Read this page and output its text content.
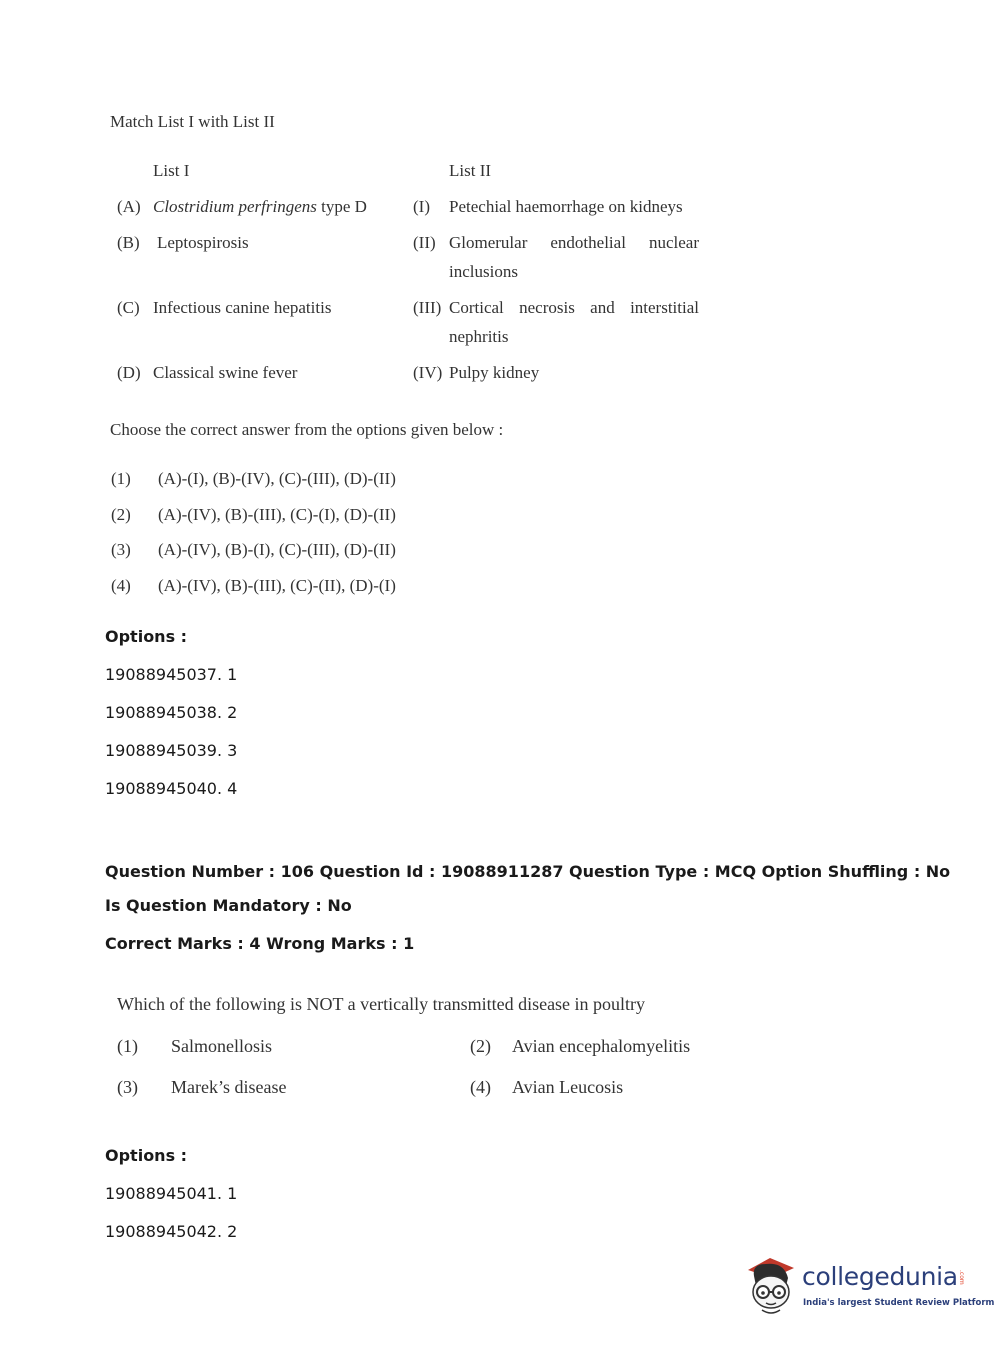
Match List I with List II
List I	List II
(A) Clostridium perfringens type D	(I) Petechial haemorrhage on kidneys
(B) Leptospirosis	(II) Glomerular endothelial nuclear
inclusions
(C) Infectious canine hepatitis	(III) Cortical necrosis and interstitial
nephritis
(D) Classical swine fever	(IV) Pulpy kidney
Choose the correct answer from the options given below :
(1) (A)-(I), (B)-(IV), (C)-(III), (D)-(II)
(2) (A)-(IV), (B)-(III), (C)-(I), (D)-(II)
(3) (A)-(IV), (B)-(I), (C)-(III), (D)-(II)
(4) (A)-(IV), (B)-(III), (C)-(II), (D)-(I)
Options :
19088945037. 1
19088945038. 2
19088945039. 3
19088945040. 4
Question Number : 106 Question Id : 19088911287 Question Type : MCQ Option Shuffling : No
Is Question Mandatory : No
Correct Marks : 4 Wrong Marks : 1
Which of the following is NOT a vertically transmitted disease in poultry
(1) Salmonellosis	(2) Avian encephalomyelitis
(3) Marek’s disease	(4) Avian Leucosis
Options :
19088945041. 1
19088945042. 2
collegedunia .com
India's largest Student Review Platform
